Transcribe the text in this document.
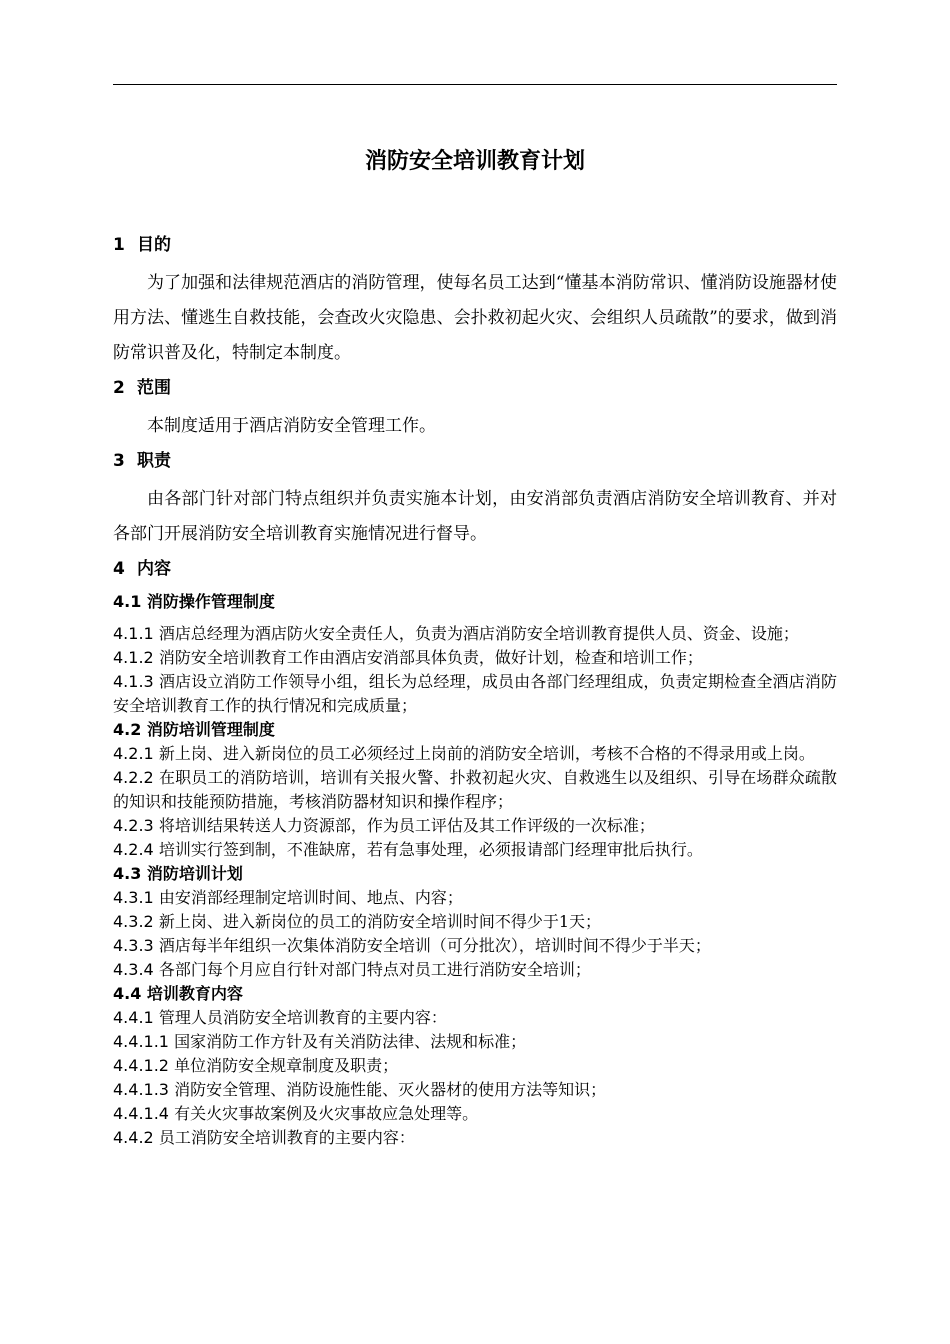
消防安全培训教育计划
1 目的

为了加强和法律规范酒店的消防管理，使每名员工达到“懂基本消防常识、懂消防设施器材使用方法、懂逃生自救技能，会查改火灾隐患、会扑救初起火灾、会组织人员疏散”的要求，做到消防常识普及化，特制定本制度。

2 范围

本制度适用于酒店消防安全管理工作。

3 职责

由各部门针对部门特点组织并负责实施本计划，由安消部负责酒店消防安全培训教育、并对各部门开展消防安全培训教育实施情况进行督导。

4 内容
4.1 消防操作管理制度

4.1.1 酒店总经理为酒店防火安全责任人，负责为酒店消防安全培训教育提供人员、资金、设施；

4.1.2 消防安全培训教育工作由酒店安消部具体负责，做好计划，检查和培训工作；

4.1.3 酒店设立消防工作领导小组，组长为总经理，成员由各部门经理组成，负责定期检查全酒店消防安全培训教育工作的执行情况和完成质量；

4.2 消防培训管理制度

4.2.1 新上岗、进入新岗位的员工必须经过上岗前的消防安全培训，考核不合格的不得录用或上岗。

4.2.2 在职员工的消防培训，培训有关报火警、扑救初起火灾、自救逃生以及组织、引导在场群众疏散的知识和技能预防措施，考核消防器材知识和操作程序；

4.2.3 将培训结果转送人力资源部，作为员工评估及其工作评级的一次标准；

4.2.4 培训实行签到制，不准缺席，若有急事处理，必须报请部门经理审批后执行。

4.3 消防培训计划

4.3.1 由安消部经理制定培训时间、地点、内容；

4.3.2 新上岗、进入新岗位的员工的消防安全培训时间不得少于1天；

4.3.3 酒店每半年组织一次集体消防安全培训（可分批次），培训时间不得少于半天；

4.3.4 各部门每个月应自行针对部门特点对员工进行消防安全培训；

4.4 培训教育内容

4.4.1 管理人员消防安全培训教育的主要内容：

4.4.1.1 国家消防工作方针及有关消防法律、法规和标准；

4.4.1.2 单位消防安全规章制度及职责；

4.4.1.3 消防安全管理、消防设施性能、灭火器材的使用方法等知识；

4.4.1.4 有关火灾事故案例及火灾事故应急处理等。

4.4.2 员工消防安全培训教育的主要内容：
